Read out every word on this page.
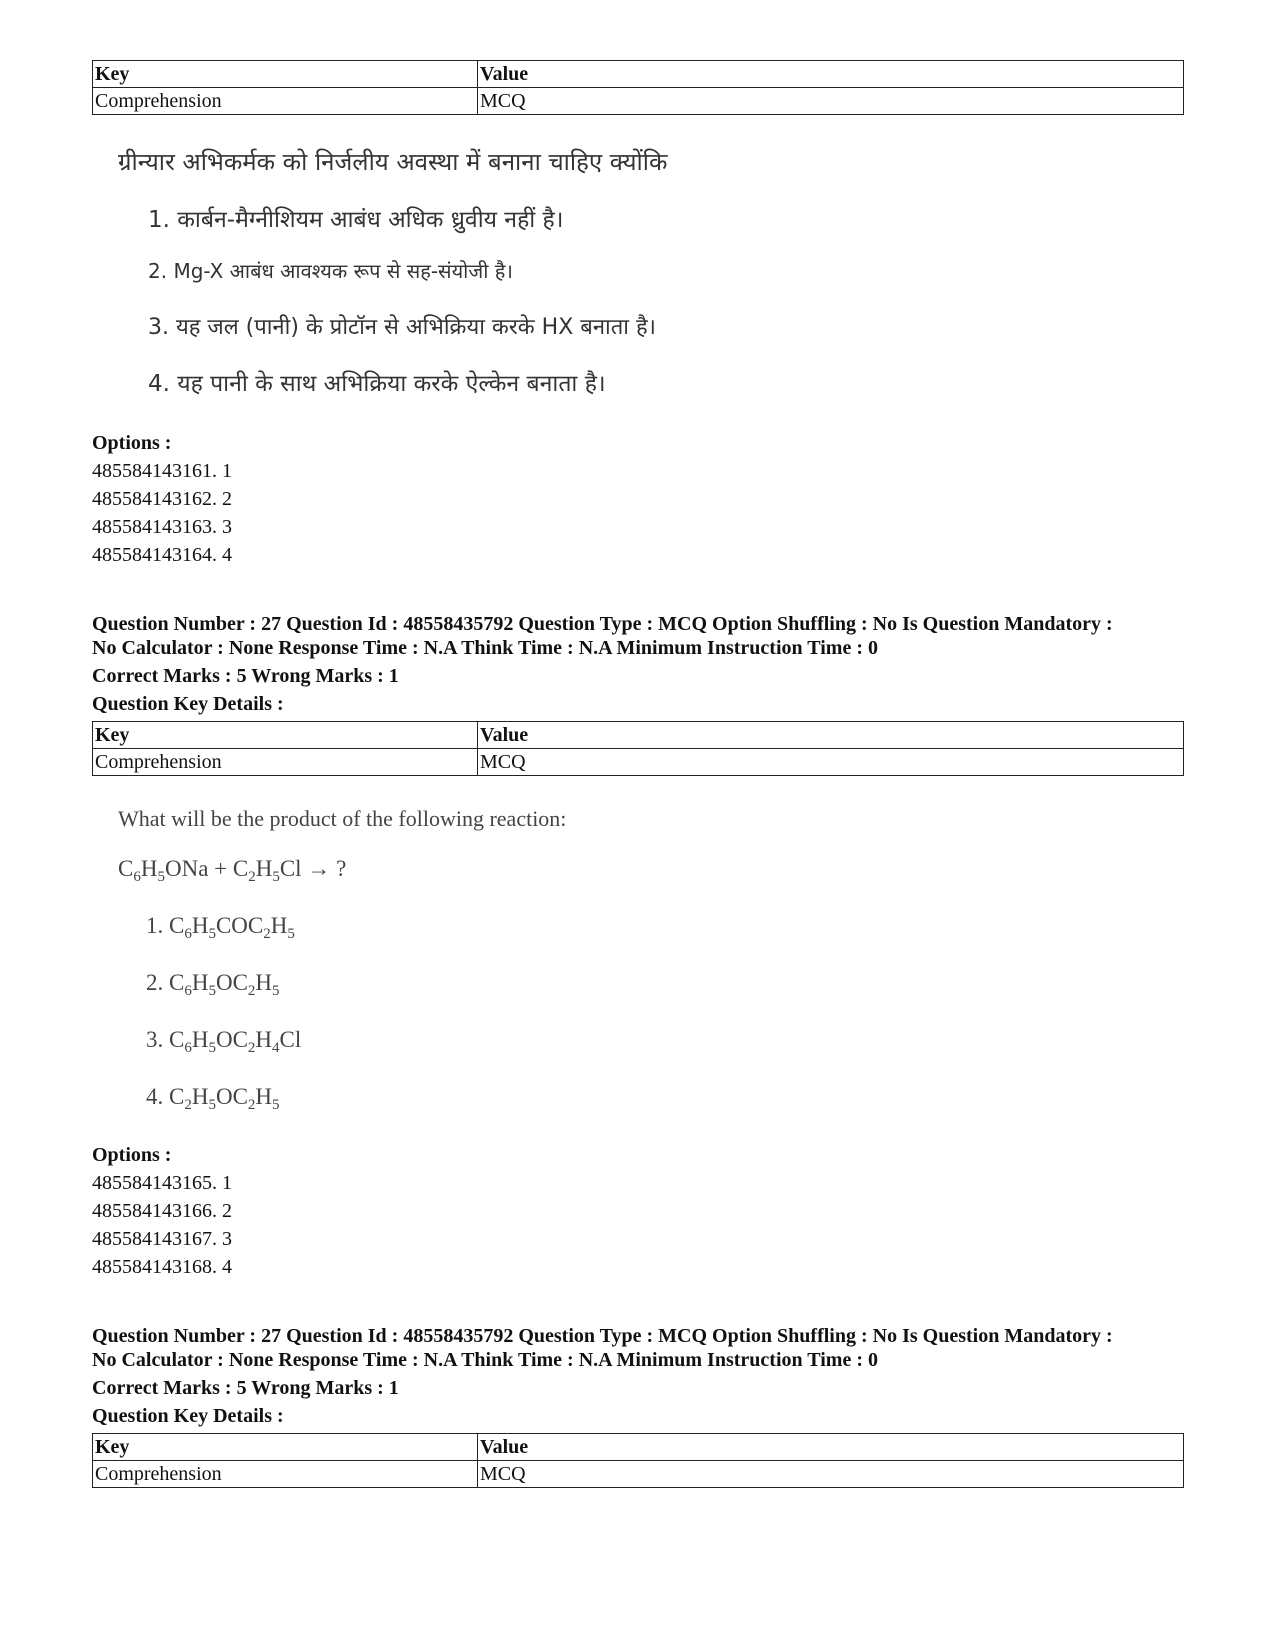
Key	Value
Comprehension	MCQ
ग्रीन्यार अभिकर्मक को निर्जलीय अवस्था में बनाना चाहिए क्योंकि
1. कार्बन-मैग्नीशियम आबंध अधिक ध्रुवीय नहीं है।
2. Mg-X आबंध आवश्यक रूप से सह-संयोजी है।
3. यह जल (पानी) के प्रोटॉन से अभिक्रिया करके HX बनाता है।
4. यह पानी के साथ अभिक्रिया करके ऐल्केन बनाता है।
Options :
485584143161. 1
485584143162. 2
485584143163. 3
485584143164. 4
Question Number : 27 Question Id : 48558435792 Question Type : MCQ Option Shuffling : No Is Question Mandatory :
No Calculator : None Response Time : N.A Think Time : N.A Minimum Instruction Time : 0
Correct Marks : 5 Wrong Marks : 1
Question Key Details :
Key	Value
Comprehension	MCQ
What will be the product of the following reaction:
$C_6H_5ONa + C_2H_5Cl$ → ?
1. $C_6H_5COC_2H_5$
2. $C_6H_5OC_2H_5$
3. $C_6H_5OC_2H_4Cl$
4. $C_2H_5OC_2H_5$
Options :
485584143165. 1
485584143166. 2
485584143167. 3
485584143168. 4
Question Number : 27 Question Id : 48558435792 Question Type : MCQ Option Shuffling : No Is Question Mandatory :
No Calculator : None Response Time : N.A Think Time : N.A Minimum Instruction Time : 0
Correct Marks : 5 Wrong Marks : 1
Question Key Details :
Key	Value
Comprehension	MCQ
